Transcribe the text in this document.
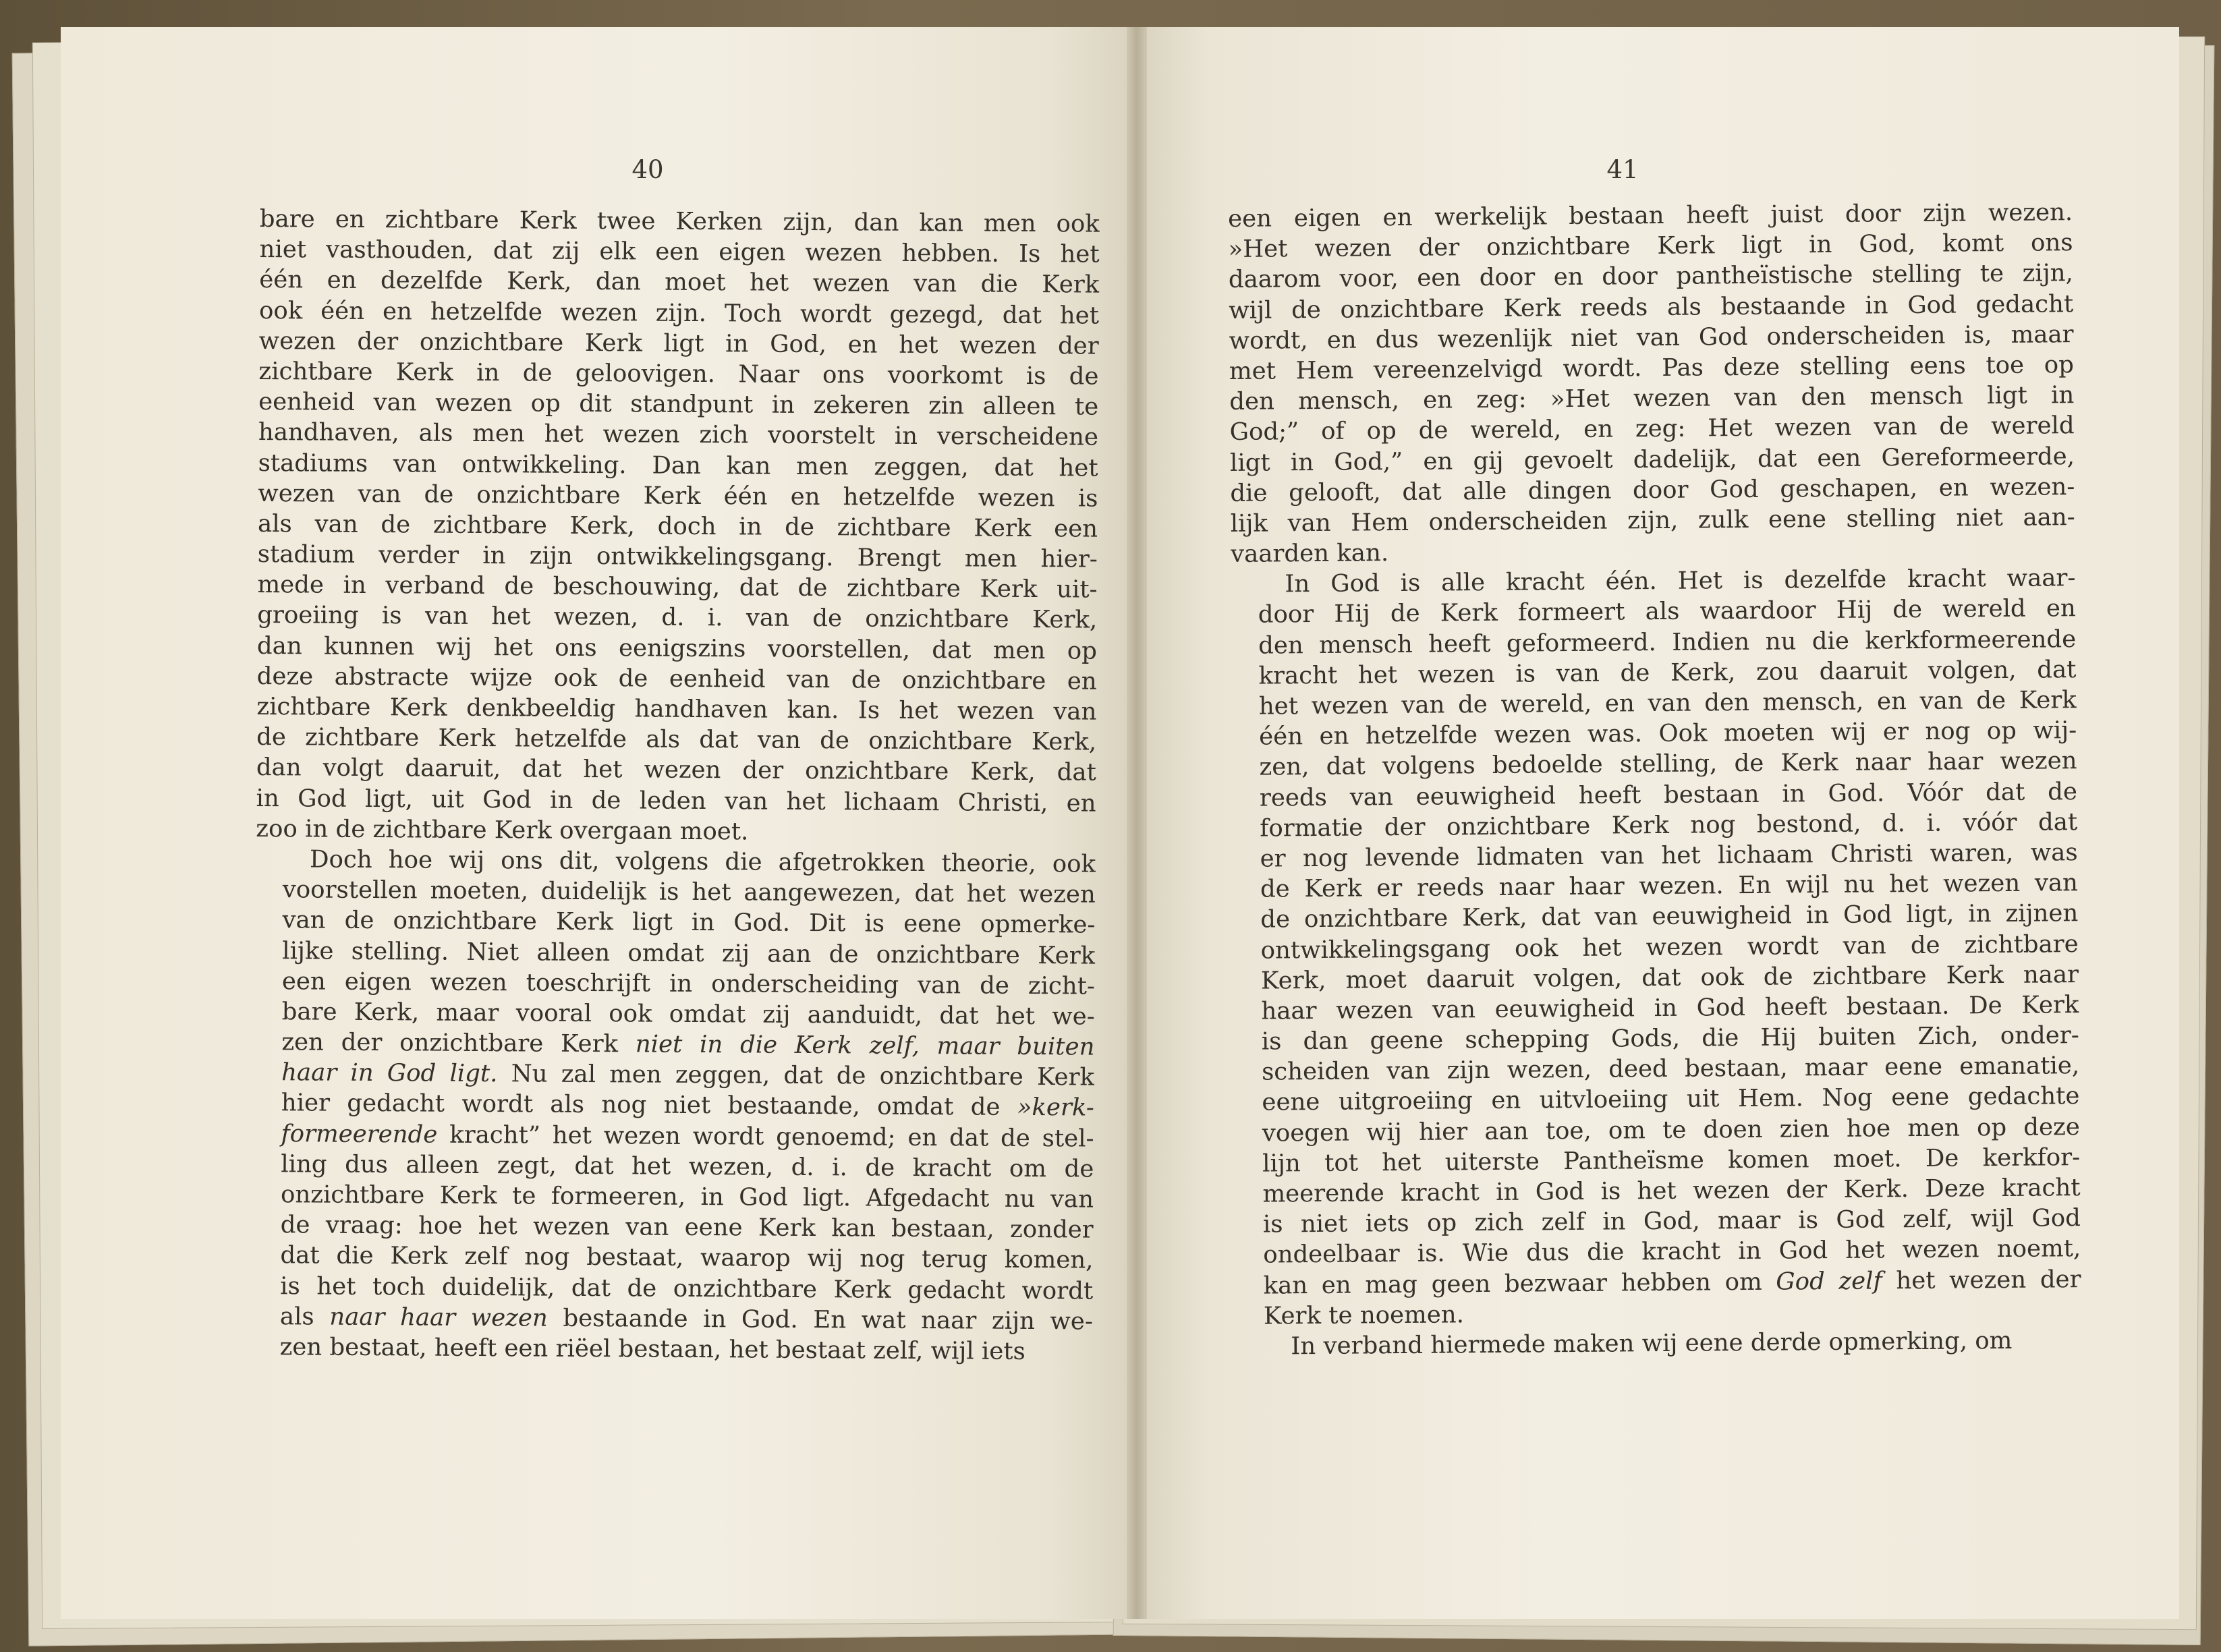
40

bare en zichtbare Kerk twee Kerken zijn, dan kan men ook
niet vasthouden, dat zij elk een eigen wezen hebben. Is het
één en dezelfde Kerk, dan moet het wezen van die Kerk
ook één en hetzelfde wezen zijn. Toch wordt gezegd, dat het
wezen der onzichtbare Kerk ligt in God, en het wezen der
zichtbare Kerk in de geloovigen. Naar ons voorkomt is de
eenheid van wezen op dit standpunt in zekeren zin alleen te
handhaven, als men het wezen zich voorstelt in verscheidene
stadiums van ontwikkeling. Dan kan men zeggen, dat het
wezen van de onzichtbare Kerk één en hetzelfde wezen is
als van de zichtbare Kerk, doch in de zichtbare Kerk een
stadium verder in zijn ontwikkelingsgang. Brengt men hier-
mede in verband de beschouwing, dat de zichtbare Kerk uit-
groeiing is van het wezen, d. i. van de onzichtbare Kerk,
dan kunnen wij het ons eenigszins voorstellen, dat men op
deze abstracte wijze ook de eenheid van de onzichtbare en
zichtbare Kerk denkbeeldig handhaven kan. Is het wezen van
de zichtbare Kerk hetzelfde als dat van de onzichtbare Kerk,
dan volgt daaruit, dat het wezen der onzichtbare Kerk, dat
in God ligt, uit God in de leden van het lichaam Christi, en
zoo in de zichtbare Kerk overgaan moet.

Doch hoe wij ons dit, volgens die afgetrokken theorie, ook
voorstellen moeten, duidelijk is het aangewezen, dat het wezen
van de onzichtbare Kerk ligt in God. Dit is eene opmerke-
lijke stelling. Niet alleen omdat zij aan de onzichtbare Kerk
een eigen wezen toeschrijft in onderscheiding van de zicht-
bare Kerk, maar vooral ook omdat zij aanduidt, dat het we-
zen der onzichtbare Kerk niet in die Kerk zelf, maar buiten
haar in God ligt. Nu zal men zeggen, dat de onzichtbare Kerk
hier gedacht wordt als nog niet bestaande, omdat de »kerk-
formeerende kracht” het wezen wordt genoemd; en dat de stel-
ling dus alleen zegt, dat het wezen, d. i. de kracht om de
onzichtbare Kerk te formeeren, in God ligt. Afgedacht nu van
de vraag: hoe het wezen van eene Kerk kan bestaan, zonder
dat die Kerk zelf nog bestaat, waarop wij nog terug komen,
is het toch duidelijk, dat de onzichtbare Kerk gedacht wordt
als naar haar wezen bestaande in God. En wat naar zijn we-
zen bestaat, heeft een riëel bestaan, het bestaat zelf, wijl iets

41

een eigen en werkelijk bestaan heeft juist door zijn wezen.
»Het wezen der onzichtbare Kerk ligt in God, komt ons
daarom voor, een door en door pantheïstische stelling te zijn,
wijl de onzichtbare Kerk reeds als bestaande in God gedacht
wordt, en dus wezenlijk niet van God onderscheiden is, maar
met Hem vereenzelvigd wordt. Pas deze stelling eens toe op
den mensch, en zeg: »Het wezen van den mensch ligt in
God;” of op de wereld, en zeg: Het wezen van de wereld
ligt in God,” en gij gevoelt dadelijk, dat een Gereformeerde,
die gelooft, dat alle dingen door God geschapen, en wezen-
lijk van Hem onderscheiden zijn, zulk eene stelling niet aan-
vaarden kan.

In God is alle kracht één. Het is dezelfde kracht waar-
door Hij de Kerk formeert als waardoor Hij de wereld en
den mensch heeft geformeerd. Indien nu die kerkformeerende
kracht het wezen is van de Kerk, zou daaruit volgen, dat
het wezen van de wereld, en van den mensch, en van de Kerk
één en hetzelfde wezen was. Ook moeten wij er nog op wij-
zen, dat volgens bedoelde stelling, de Kerk naar haar wezen
reeds van eeuwigheid heeft bestaan in God. Vóór dat de
formatie der onzichtbare Kerk nog bestond, d. i. vóór dat
er nog levende lidmaten van het lichaam Christi waren, was
de Kerk er reeds naar haar wezen. En wijl nu het wezen van
de onzichtbare Kerk, dat van eeuwigheid in God ligt, in zijnen
ontwikkelingsgang ook het wezen wordt van de zichtbare
Kerk, moet daaruit volgen, dat ook de zichtbare Kerk naar
haar wezen van eeuwigheid in God heeft bestaan. De Kerk
is dan geene schepping Gods, die Hij buiten Zich, onder-
scheiden van zijn wezen, deed bestaan, maar eene emanatie,
eene uitgroeiing en uitvloeiing uit Hem. Nog eene gedachte
voegen wij hier aan toe, om te doen zien hoe men op deze
lijn tot het uiterste Pantheïsme komen moet. De kerkfor-
meerende kracht in God is het wezen der Kerk. Deze kracht
is niet iets op zich zelf in God, maar is God zelf, wijl God
ondeelbaar is. Wie dus die kracht in God het wezen noemt,
kan en mag geen bezwaar hebben om God zelf het wezen der
Kerk te noemen.

In verband hiermede maken wij eene derde opmerking, om
